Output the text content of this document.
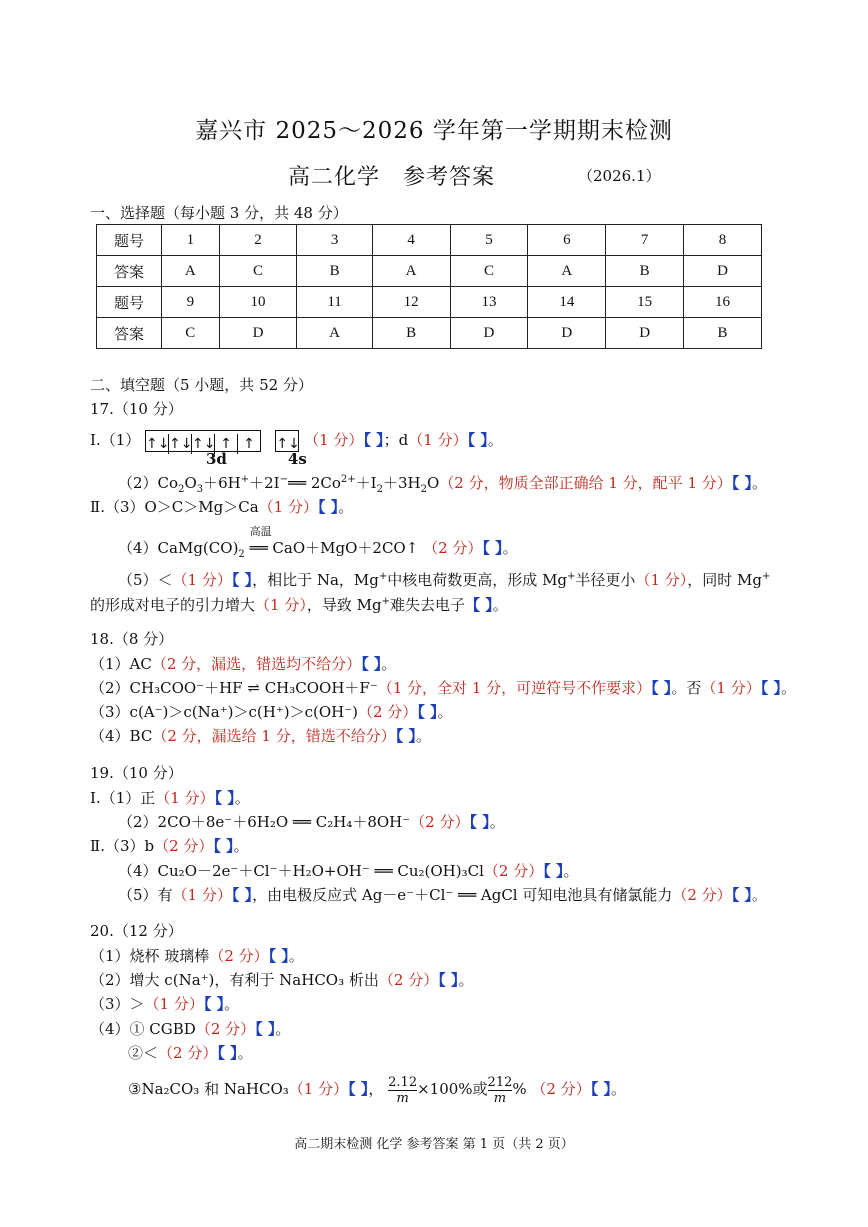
嘉兴市 2025～2026 学年第一学期期末检测
高二化学　参考答案	（2026.1）
一、选择题（每小题 3 分，共 48 分）
题号	1	2	3	4	5	6	7	8
答案	A	C	B	A	C	A	B	D
题号	9	10	11	12	13	14	15	16
答案	C	D	A	B	D	D	D	B
二、填空题（5 小题，共 52 分）
17.（10 分）
Ⅰ.（1） ↑↓↑↓↑↓ ↑ ↑ ↑↓ （1 分）【 】；d（1 分）【 】。
3d	4s
$(2)Co_2O_3+6H^++2I^-══$ $2Co^{2+}+I_2+3H_2O(2$ 分，物质全部正确给 1 分，配平 1 分）【 】。
Ⅱ.（3）O＞C＞Mg＞Ca（1 分）【 】。
$(4)CaMg(CO)_2$
高温
══ CaO＋MgO＋2CO↑ （2 分）【 】。
（5）＜（1 分）【 】，相比于 Na，Mg+中核电荷数更高，形成 Mg+半径更小（1 分），同时 Mg+
的形成对电子的引力增大（1 分），导致 Mg+难失去电子【 】。
18.（8 分）
（1）AC（2 分，漏选，错选均不给分）【 】。
（2）CH₃COO⁻＋HF ⇌ CH₃COOH＋F⁻（1 分，全对 1 分，可逆符号不作要求）【 】。否（1 分）【 】。
（3）c(A⁻)＞c(Na⁺)＞c(H⁺)＞c(OH⁻)（2 分）【 】。
（4）BC（2 分，漏选给 1 分，错选不给分）【 】。
19.（10 分）
Ⅰ.（1）正（1 分）【 】。
（2）2CO＋8e⁻＋6H₂O ══ C₂H₄＋8OH⁻（2 分）【 】。
Ⅱ.（3）b（2 分）【 】。
（4）Cu₂O－2e⁻＋Cl⁻＋H₂O+OH⁻ ══ Cu₂(OH)₃Cl（2 分）【 】。
（5）有（1 分）【 】，由电极反应式 Ag－e⁻＋Cl⁻ ══ AgCl 可知电池具有储氯能力（2 分）【 】。
20.（12 分）
（1）烧杯 玻璃棒（2 分）【 】。
（2）增大 c(Na⁺)，有利于 NaHCO₃ 析出（2 分）【 】。
（3）＞（1 分）【 】。
（4）① CGBD（2 分）【 】。
②＜（2 分）【 】。
③Na₂CO₃ 和 NaHCO₃（1 分）【 】， $\frac{2.12}{m} \times 100\%$或 $\frac{212}{m}$ % （2 分）【 】。
高二期末检测 化学 参考答案 第 1 页（共 2 页）
